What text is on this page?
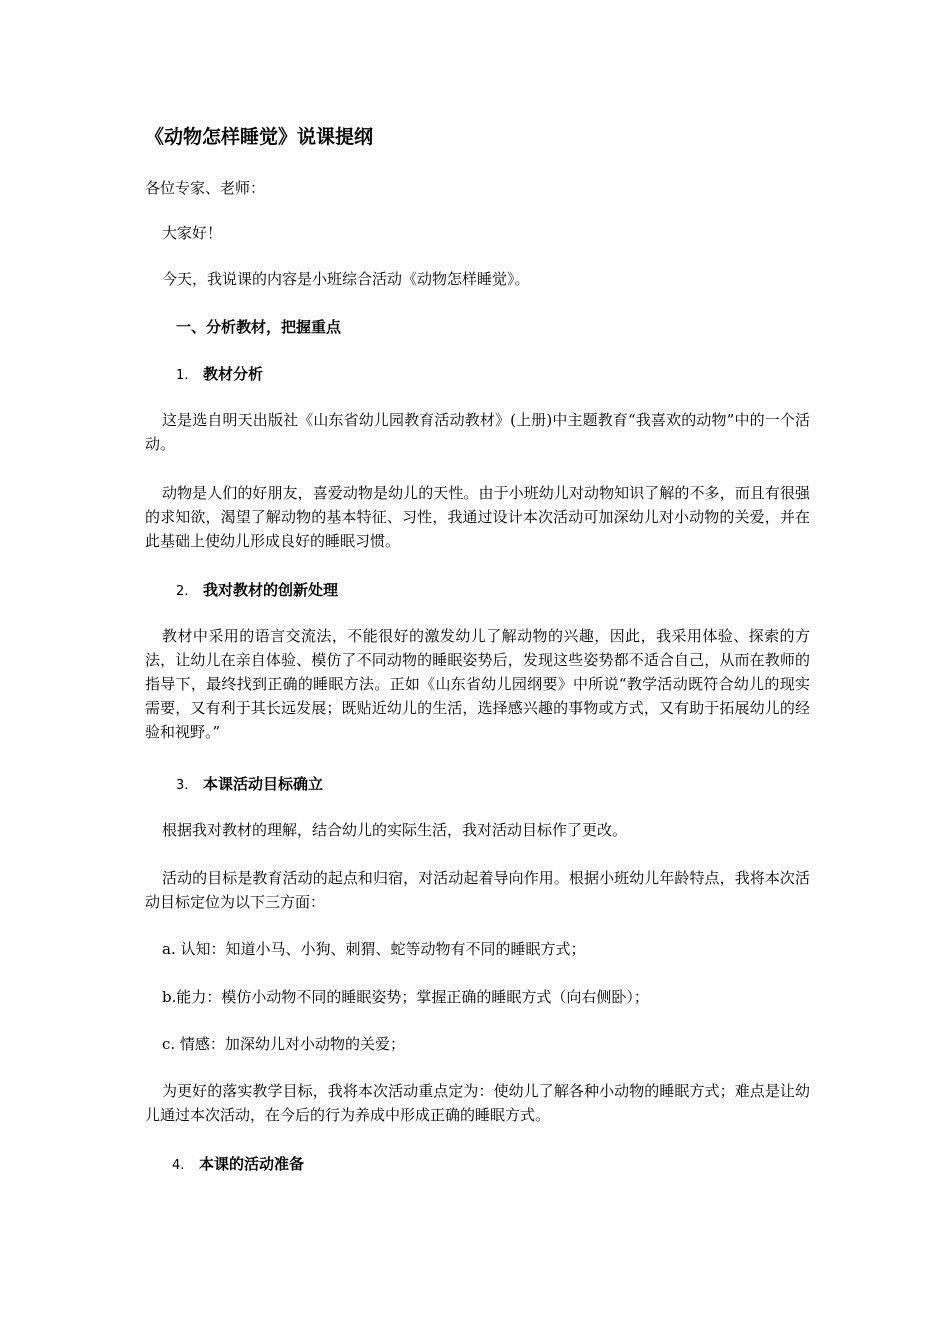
《动物怎样睡觉》说课提纲

各位专家、老师：

大家好！

今天，我说课的内容是小班综合活动《动物怎样睡觉》。

一、分析教材，把握重点

1. 教材分析

这是选自明天出版社《山东省幼儿园教育活动教材》(上册)中主题教育“我喜欢的动物”中的一个活动。

动物是人们的好朋友，喜爱动物是幼儿的天性。由于小班幼儿对动物知识了解的不多，而且有很强的求知欲，渴望了解动物的基本特征、习性，我通过设计本次活动可加深幼儿对小动物的关爱，并在此基础上使幼儿形成良好的睡眠习惯。

2. 我对教材的创新处理

教材中采用的语言交流法，不能很好的激发幼儿了解动物的兴趣，因此，我采用体验、探索的方法，让幼儿在亲自体验、模仿了不同动物的睡眠姿势后，发现这些姿势都不适合自己，从而在教师的指导下，最终找到正确的睡眠方法。正如《山东省幼儿园纲要》中所说“教学活动既符合幼儿的现实需要，又有利于其长远发展；既贴近幼儿的生活，选择感兴趣的事物或方式，又有助于拓展幼儿的经验和视野。”

3. 本课活动目标确立

根据我对教材的理解，结合幼儿的实际生活，我对活动目标作了更改。

活动的目标是教育活动的起点和归宿，对活动起着导向作用。根据小班幼儿年龄特点，我将本次活动目标定位为以下三方面：

a. 认知：知道小马、小狗、刺猬、蛇等动物有不同的睡眠方式；

b.能力：模仿小动物不同的睡眠姿势；掌握正确的睡眠方式（向右侧卧）；

c. 情感：加深幼儿对小动物的关爱；

为更好的落实教学目标，我将本次活动重点定为：使幼儿了解各种小动物的睡眠方式；难点是让幼儿通过本次活动，在今后的行为养成中形成正确的睡眠方式。

4. 本课的活动准备
